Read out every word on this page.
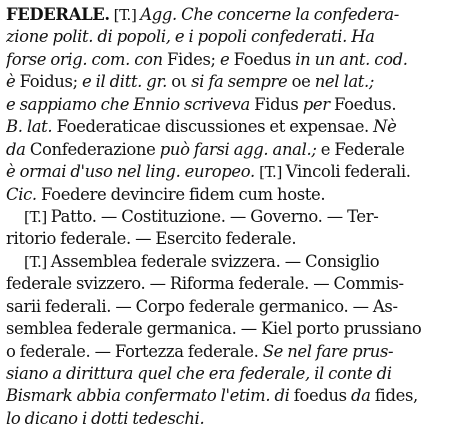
FEDERALE. [T.] Agg. Che concerne la confedera-
zione polit. di popoli, e i popoli confederati. Ha
forse orig. com. con Fides; e Foedus in un ant. cod.
è Foidus; e il ditt. gr. οι si fa sempre oe nel lat.;
e sappiamo che Ennio scriveva Fidus per Foedus.
B. lat. Foederaticae discussiones et expensae. Nè
da Confederazione può farsi agg. anal.; e Federale
è ormai d'uso nel ling. europeo. [T.] Vincoli federali.
Cic. Foedere devincire fidem cum hoste.
[T.] Patto. — Costituzione. — Governo. — Ter-
ritorio federale. — Esercito federale.
[T.] Assemblea federale svizzera. — Consiglio
federale svizzero. — Riforma federale. — Commis-
sarii federali. — Corpo federale germanico. — As-
semblea federale germanica. — Kiel porto prussiano
o federale. — Fortezza federale. Se nel fare prus-
siano a dirittura quel che era federale, il conte di
Bismark abbia confermato l'etim. di foedus da fides,
lo dicano i dotti tedeschi.
